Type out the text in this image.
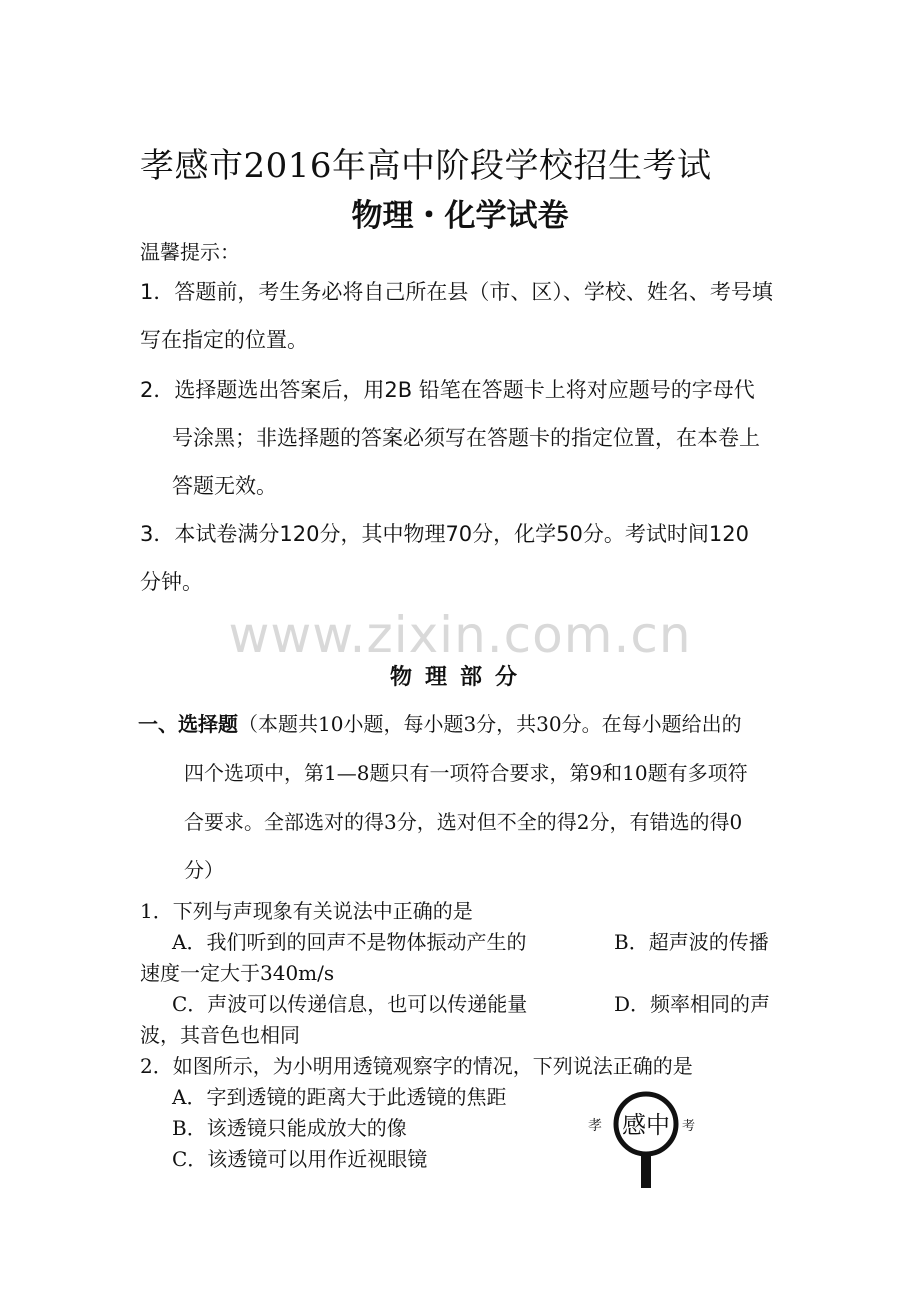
孝感市2016年高中阶段学校招生考试
物理・化学试卷
温馨提示：
1．答题前，考生务必将自己所在县（市、区）、学校、姓名、考号填
写在指定的位置。
2．选择题选出答案后，用2B 铅笔在答题卡上将对应题号的字母代
号涂黑；非选择题的答案必须写在答题卡的指定位置，在本卷上
答题无效。
3．本试卷满分120分，其中物理70分，化学50分。考试时间120
分钟。
www.zixin.com.cn
物理部分
一、选择题（本题共10小题，每小题3分，共30分。在每小题给出的
四个选项中，第1—8题只有一项符合要求，第9和10题有多项符
合要求。全部选对的得3分，选对但不全的得2分，有错选的得0
分）
1．下列与声现象有关说法中正确的是
A．我们听到的回声不是物体振动产生的	B．超声波的传播
速度一定大于340m/s
C．声波可以传递信息，也可以传递能量	D．频率相同的声
波，其音色也相同
2．如图所示，为小明用透镜观察字的情况，下列说法正确的是
A．字到透镜的距离大于此透镜的焦距
B．该透镜只能成放大的像
C．该透镜可以用作近视眼镜
孝 感中 考
